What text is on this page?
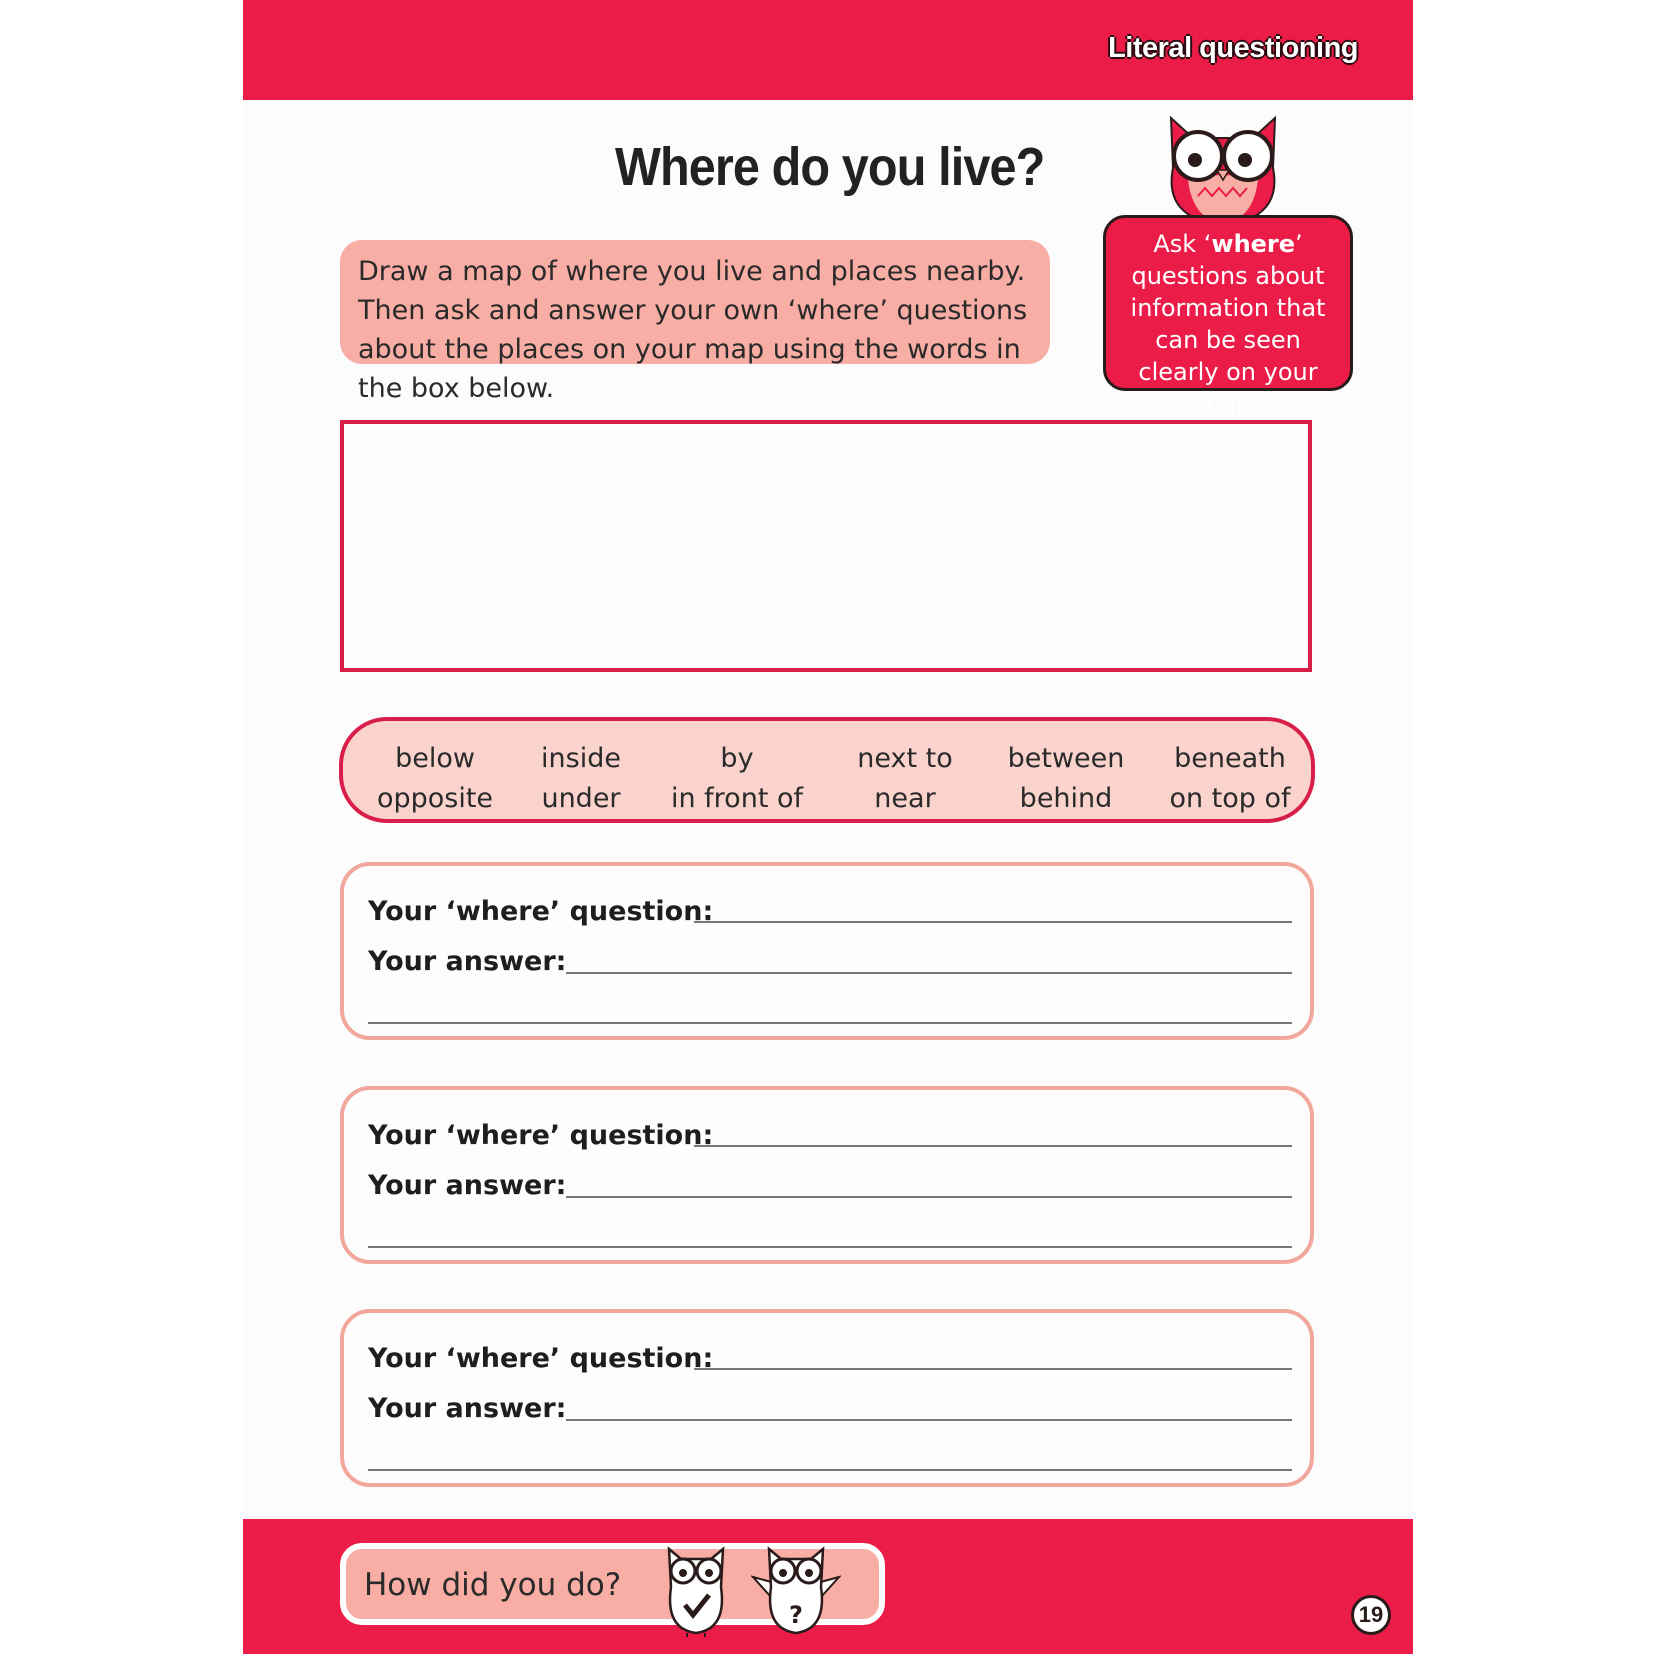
Literal questioning
Where do you live?
Draw a map of where you live and places nearby. Then ask and answer your own ‘where’ questions about the places on your map using the words in the box below.
Ask ‘where’ questions about information that can be seen clearly on your map.
below
opposite
inside
under
by
in front of
next to
near
between
behind
beneath
on top of
Your ‘where’ question:
Your answer:
Your ‘where’ question:
Your answer:
Your ‘where’ question:
Your answer:
How did you do?
?	19
